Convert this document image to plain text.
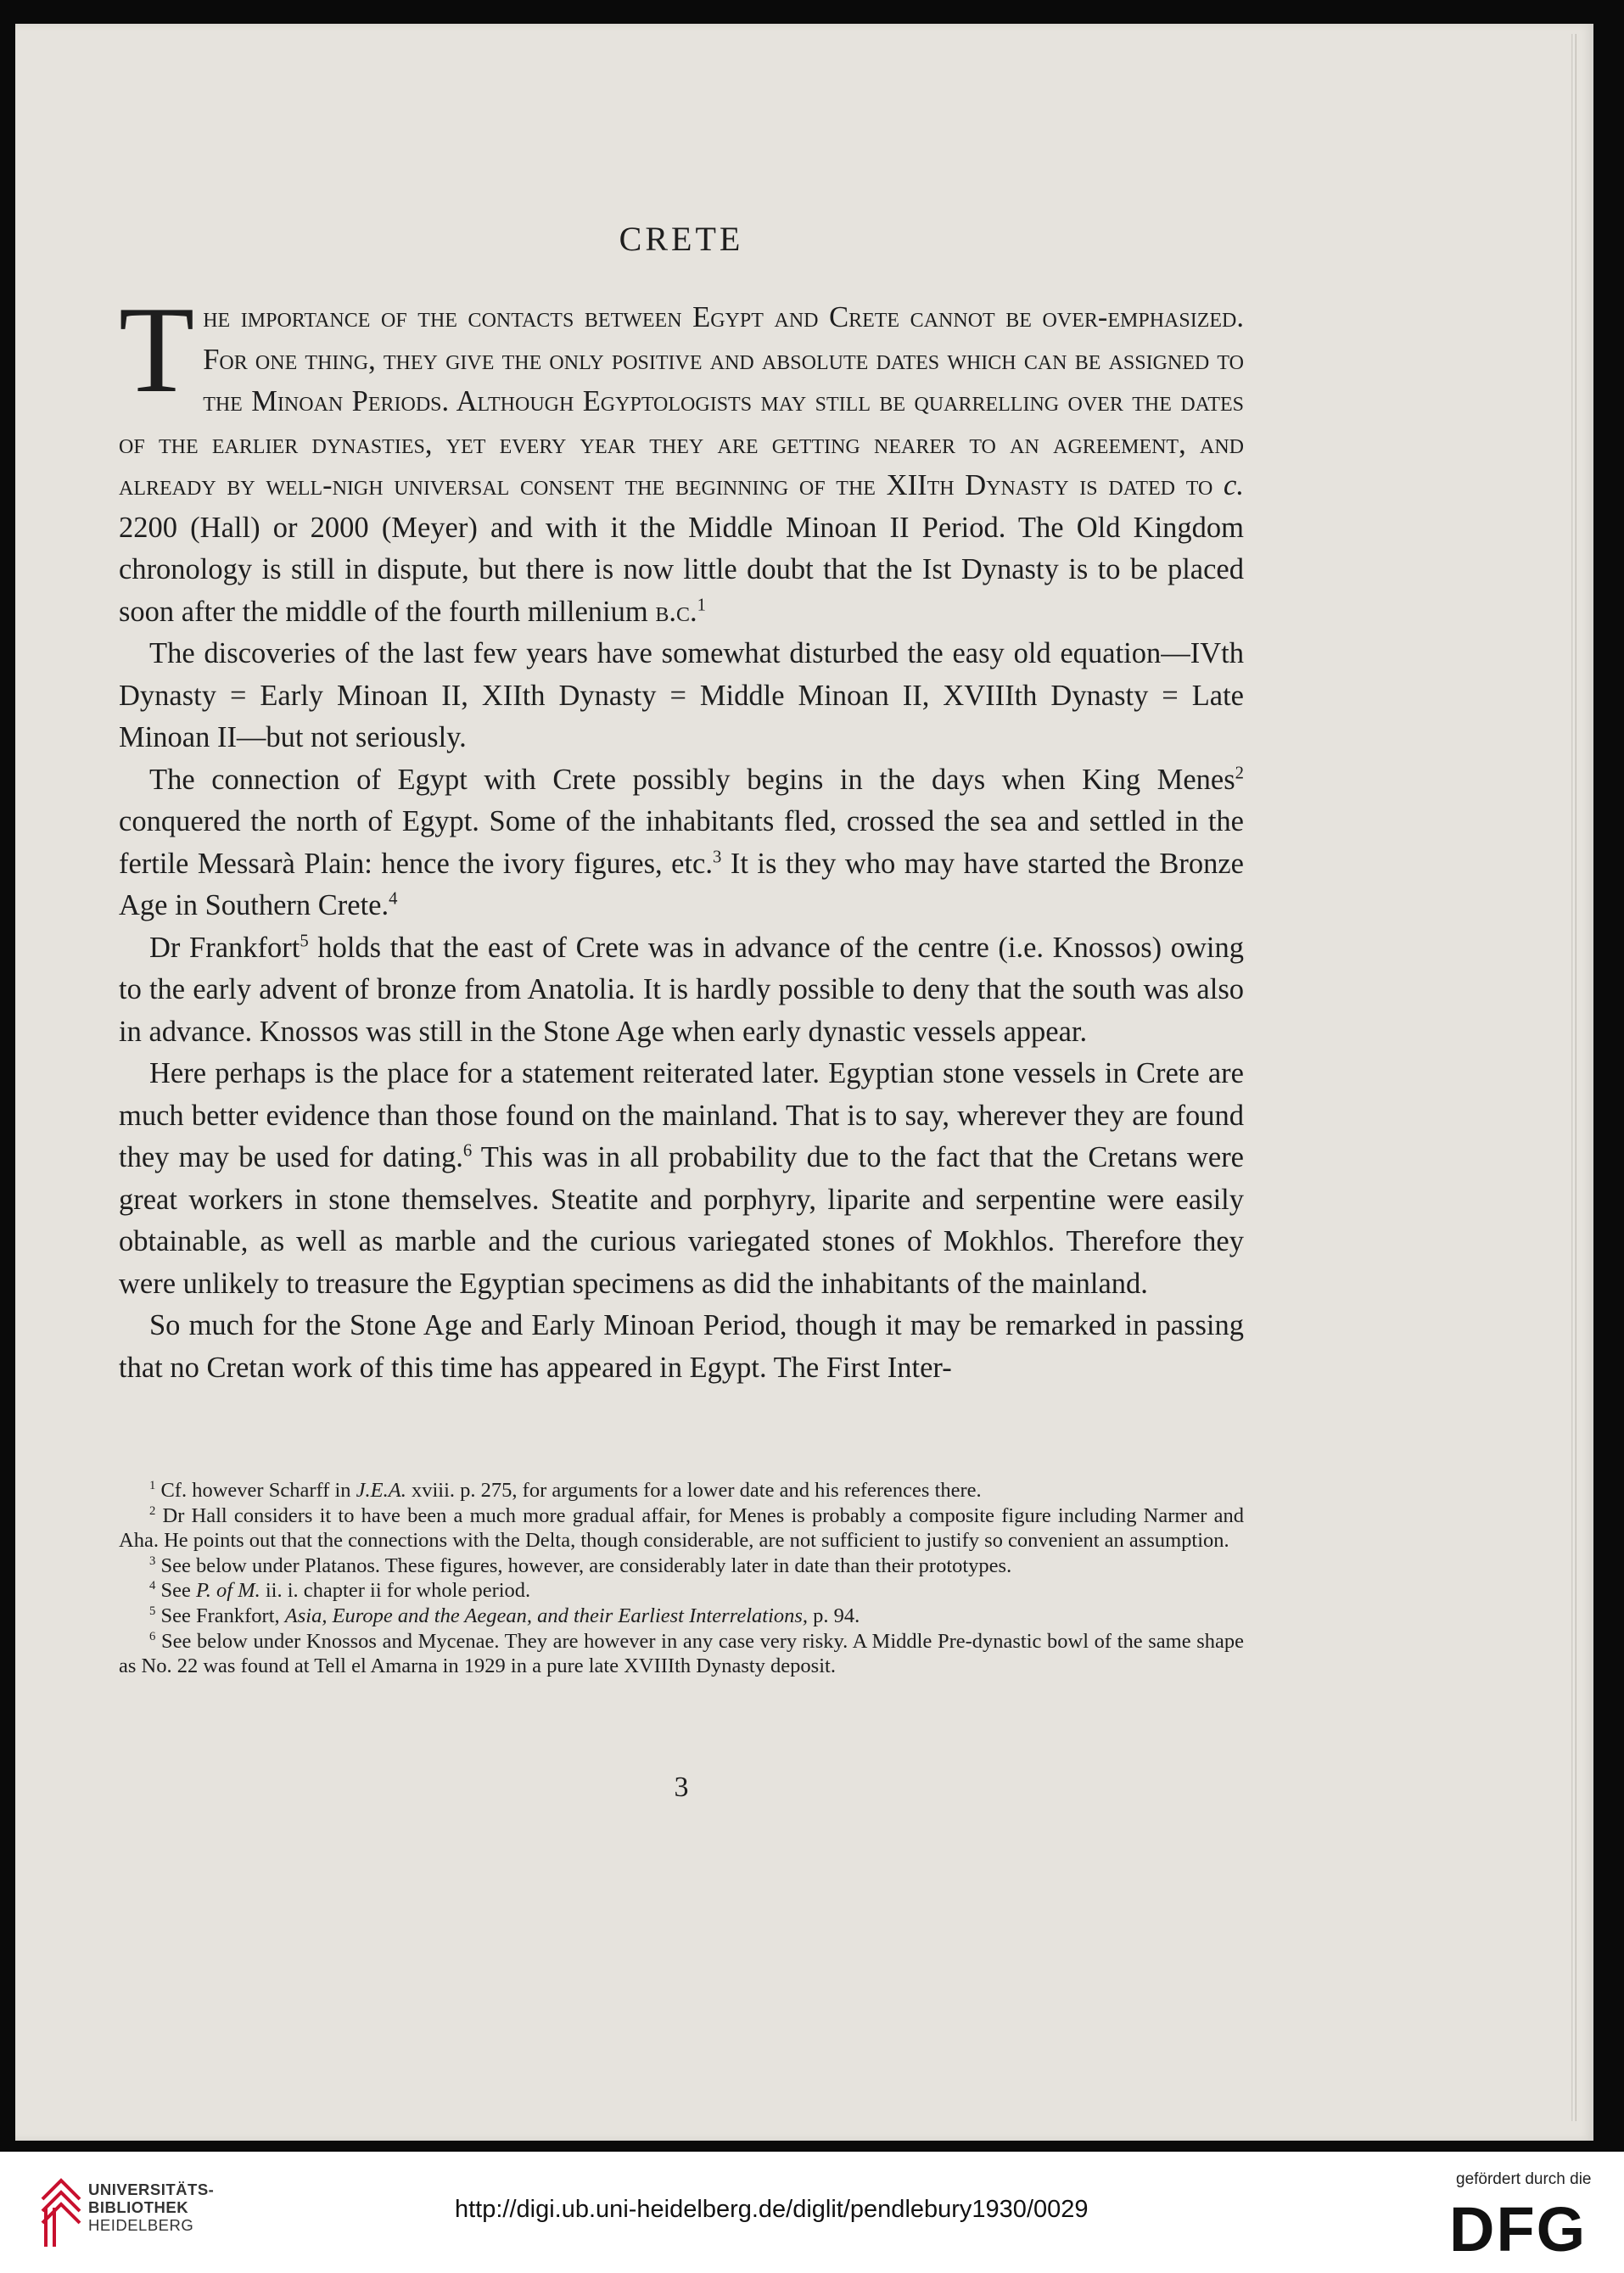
CRETE

The importance of the contacts between Egypt and Crete cannot be over-emphasized. For one thing, they give the only positive and absolute dates which can be assigned to the Minoan Periods. Although Egyptologists may still be quarrelling over the dates of the earlier dynasties, yet every year they are getting nearer to an agreement, and already by well-nigh universal consent the beginning of the XIIth Dynasty is dated to c. 2200 (Hall) or 2000 (Meyer) and with it the Middle Minoan II Period. The Old Kingdom chronology is still in dispute, but there is now little doubt that the Ist Dynasty is to be placed soon after the middle of the fourth millenium b.c.$^1$

The discoveries of the last few years have somewhat disturbed the easy old equation—IVth Dynasty = Early Minoan II, XIIth Dynasty = Middle Minoan II, XVIIIth Dynasty = Late Minoan II—but not seriously.

The connection of Egypt with Crete possibly begins in the days when King Menes$^2$ conquered the north of Egypt. Some of the inhabitants fled, crossed the sea and settled in the fertile Messarà Plain: hence the ivory figures, etc.$^3$ It is they who may have started the Bronze Age in Southern Crete.$^4$

Dr Frankfort$^5$ holds that the east of Crete was in advance of the centre (i.e. Knossos) owing to the early advent of bronze from Anatolia. It is hardly possible to deny that the south was also in advance. Knossos was still in the Stone Age when early dynastic vessels appear.

Here perhaps is the place for a statement reiterated later. Egyptian stone vessels in Crete are much better evidence than those found on the mainland. That is to say, wherever they are found they may be used for dating.$^6$ This was in all probability due to the fact that the Cretans were great workers in stone themselves. Steatite and porphyry, liparite and serpentine were easily obtainable, as well as marble and the curious variegated stones of Mokhlos. Therefore they were unlikely to treasure the Egyptian specimens as did the inhabitants of the mainland.

So much for the Stone Age and Early Minoan Period, though it may be remarked in passing that no Cretan work of this time has appeared in Egypt. The First Inter-

$^1$ Cf. however Scharff in J.E.A. xviii. p. 275, for arguments for a lower date and his references there.

$^2$ Dr Hall considers it to have been a much more gradual affair, for Menes is probably a composite figure including Narmer and Aha. He points out that the connections with the Delta, though considerable, are not sufficient to justify so convenient an assumption.

$^3$ See below under Platanos. These figures, however, are considerably later in date than their prototypes.

$^4$ See P. of M. ii. i. chapter ii for whole period.

$^5$ See Frankfort, Asia, Europe and the Aegean, and their Earliest Interrelations, p. 94.

$^6$ See below under Knossos and Mycenae. They are however in any case very risky. A Middle Pre-dynastic bowl of the same shape as No. 22 was found at Tell el Amarna in 1929 in a pure late XVIIIth Dynasty deposit.

3
UNIVERSITÄTS-
BIBLIOTHEK
HEIDELBERG
http://digi.ub.uni-heidelberg.de/diglit/pendlebury1930/0029
gefördert durch die
DFG
